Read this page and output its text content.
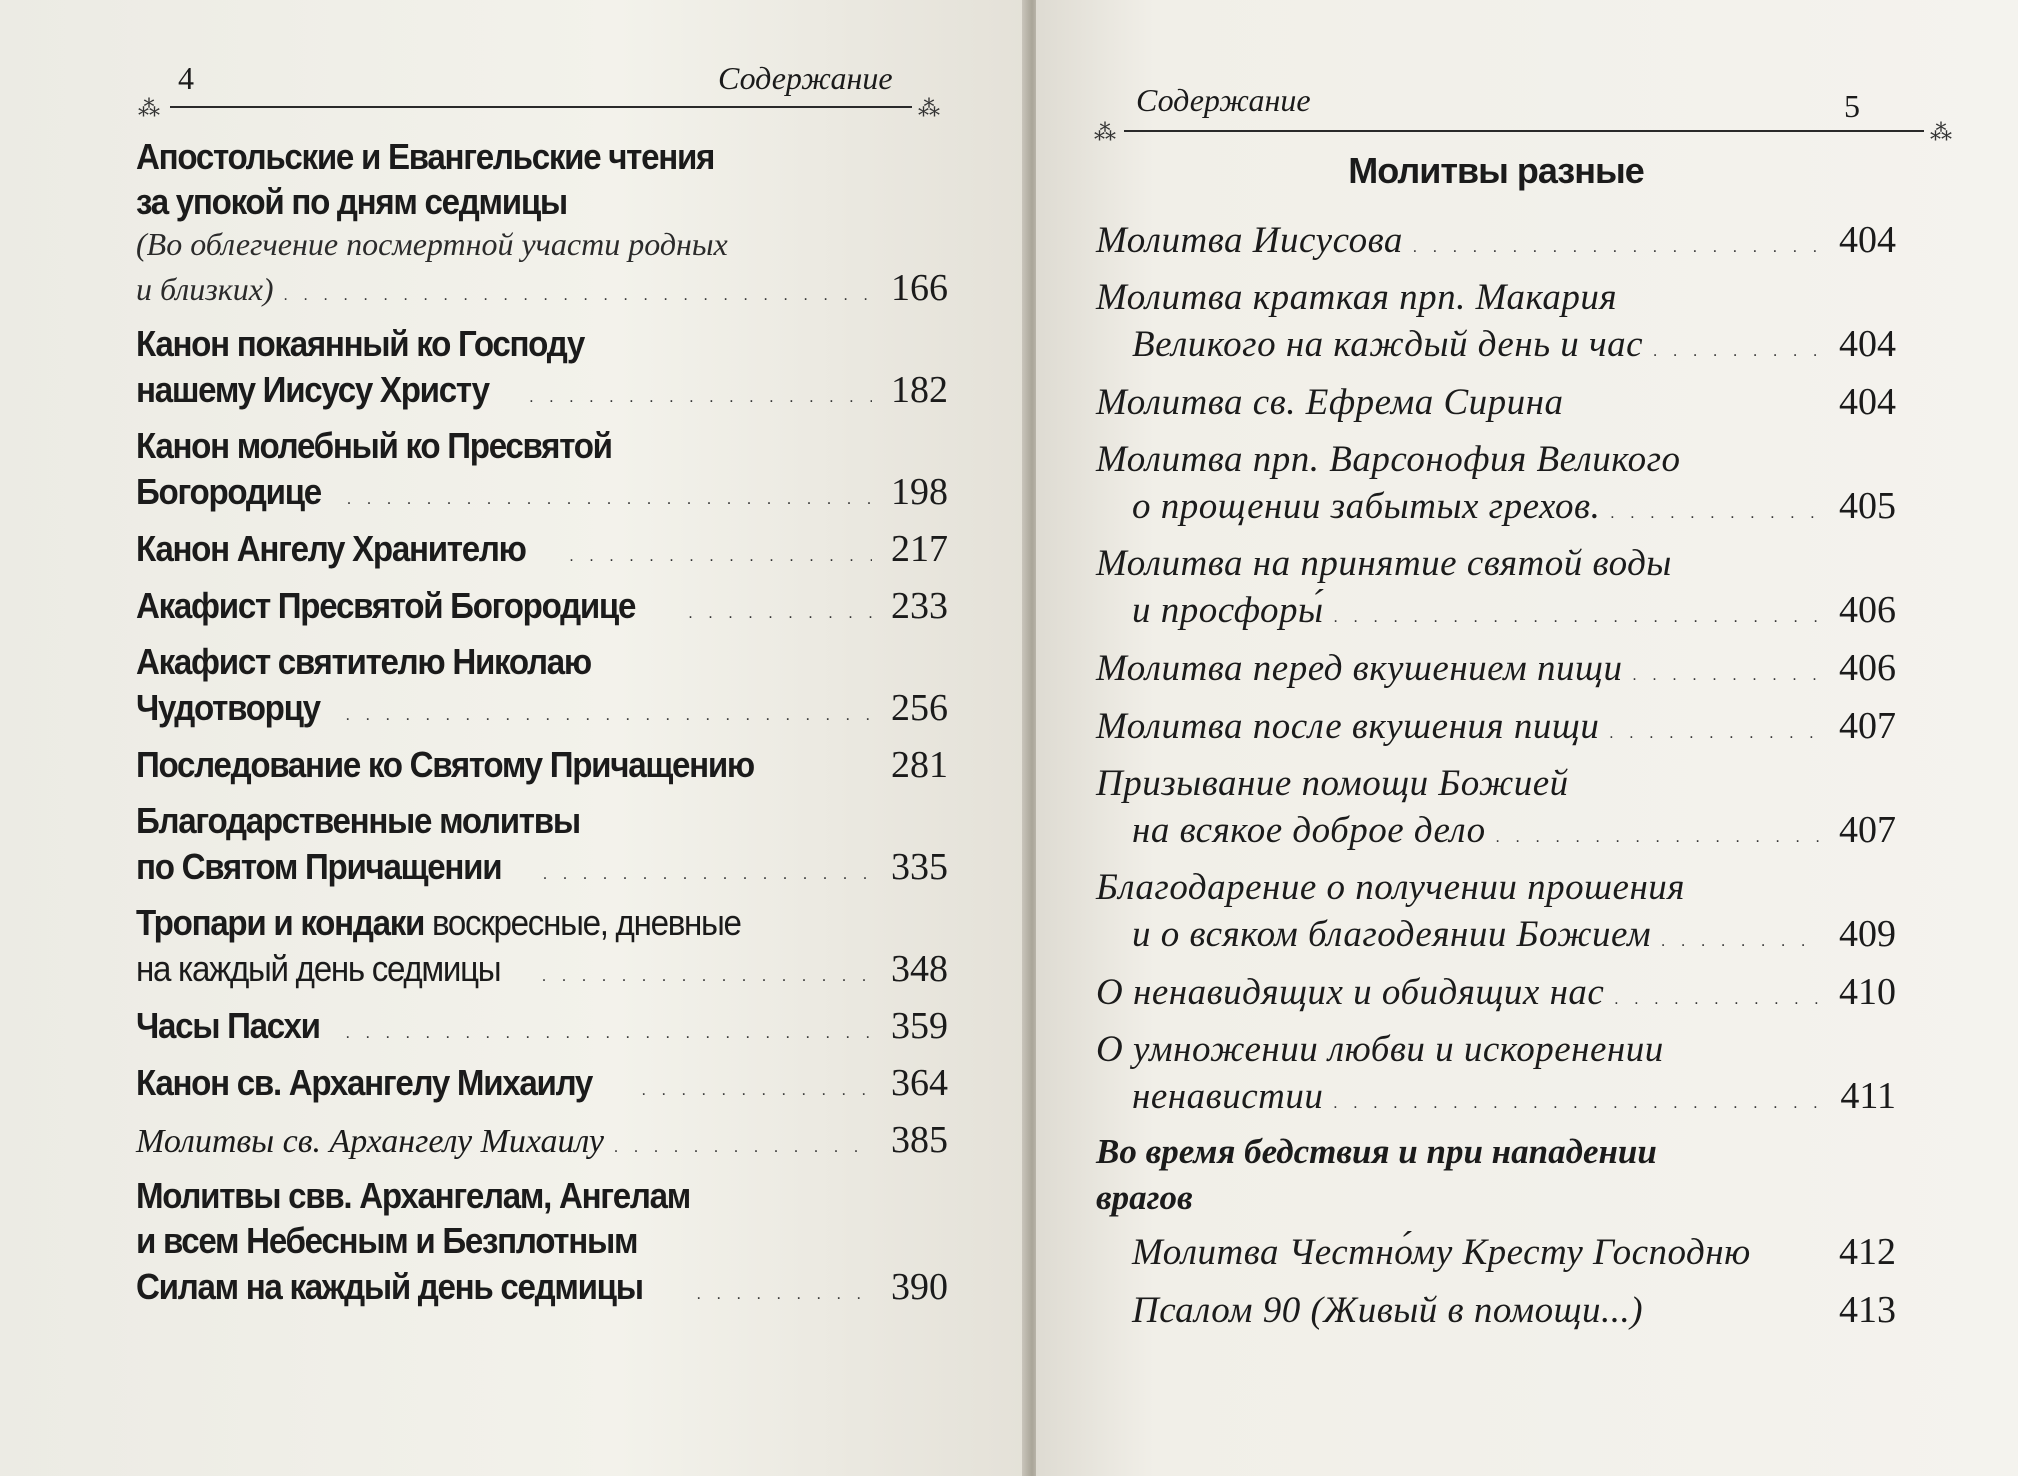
4	Содержание
⁂	⁂
Апостольские и Евангельские чтения
за упокой по дням седмицы
(Во облегчение посмертной участи родных
и близких) . . .	166
Канон покаянный ко Господу
нашему Иисусу Христу . . .	182
Канон молебный ко Пресвятой
Богородице . . .	198
Канон Ангелу Хранителю . . .	217
Акафист Пресвятой Богородице . . .	233
Акафист святителю Николаю
Чудотворцу . . .	256
Последование ко Святому Причащению	281
Благодарственные молитвы
по Святом Причащении . . .	335
Тропари и кондаки воскресные, дневные
на каждый день седмицы . . .	348
Часы Пасхи . . .	359
Канон св. Архангелу Михаилу . . .	364
Молитвы св. Архангелу Михаилу . . .	385
Молитвы свв. Архангелам, Ангелам
и всем Небесным и Безплотным
Силам на каждый день седмицы . . .	390
Содержание	5
⁂	⁂
Молитвы разные
Молитва Иисусова . . .	404
Молитва краткая прп. Макария
Великого на каждый день и час . . .	404
Молитва св. Ефрема Сирина	404
Молитва прп. Варсонофия Великого
о прощении забытых грехов. . . .	405
Молитва на принятие святой воды
и просфоры́ . . .	406
Молитва перед вкушением пищи . . .	406
Молитва после вкушения пищи . . .	407
Призывание помощи Божией
на всякое доброе дело . . .	407
Благодарение о получении прошения
и о всяком благодеянии Божием . . .	409
О ненавидящих и обидящих нас . . .	410
О умножении любви и искоренении
ненавистии . . .	411
Во время бедствия и при нападении
врагов
Молитва Честно́му Кресту Господню	412
Псалом 90 (Живый в помощи...)	413
